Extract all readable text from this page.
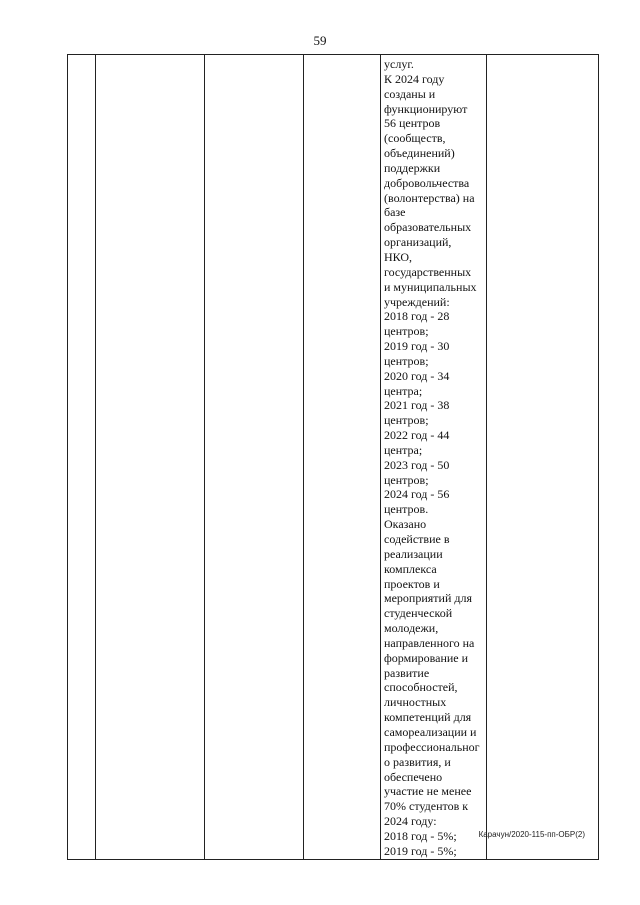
59

услуг.
К 2024 году
созданы и
функционируют
56 центров
(сообществ,
объединений)
поддержки
добровольчества
(волонтерства) на
базе
образовательных
организаций,
НКО,
государственных
и муниципальных
учреждений:
2018 год - 28
центров;
2019 год - 30
центров;
2020 год - 34
центра;
2021 год - 38
центров;
2022 год - 44
центра;
2023 год - 50
центров;
2024 год - 56
центров.
Оказано
содействие в
реализации
комплекса
проектов и
мероприятий для
студенческой
молодежи,
направленного на
формирование и
развитие
способностей,
личностных
компетенций для
самореализации и
профессиональног
о развития, и
обеспечено
участие не менее
70% студентов к
2024 году:
2018 год - 5%;
2019 год - 5%;

Карачун/2020-115-пп-ОБР(2)
